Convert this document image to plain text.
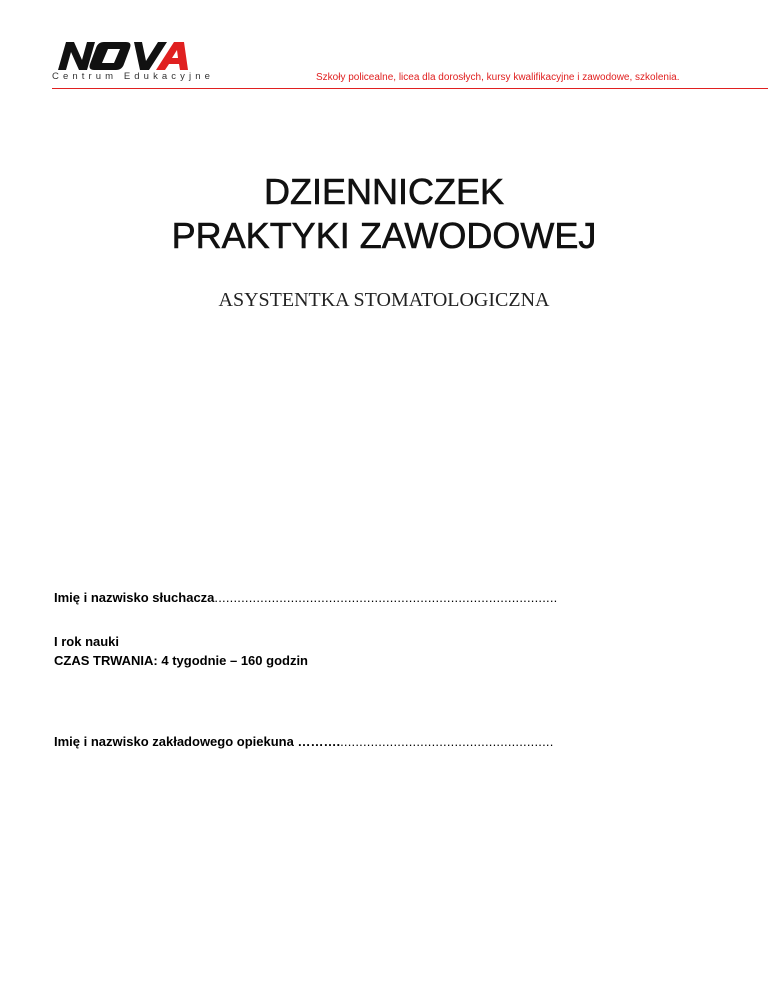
Centrum Edukacyjne	Szkoły policealne, licea dla dorosłych, kursy kwalifikacyjne i zawodowe, szkolenia.
DZIENNICZEK
PRAKTYKI ZAWODOWEJ
ASYSTENTKA STOMATOLOGICZNA
Imię i nazwisko słuchacza..........................................................................................
I rok nauki
CZAS TRWANIA: 4 tygodnie – 160 godzin
Imię i nazwisko zakładowego opiekuna ……….........................................................
